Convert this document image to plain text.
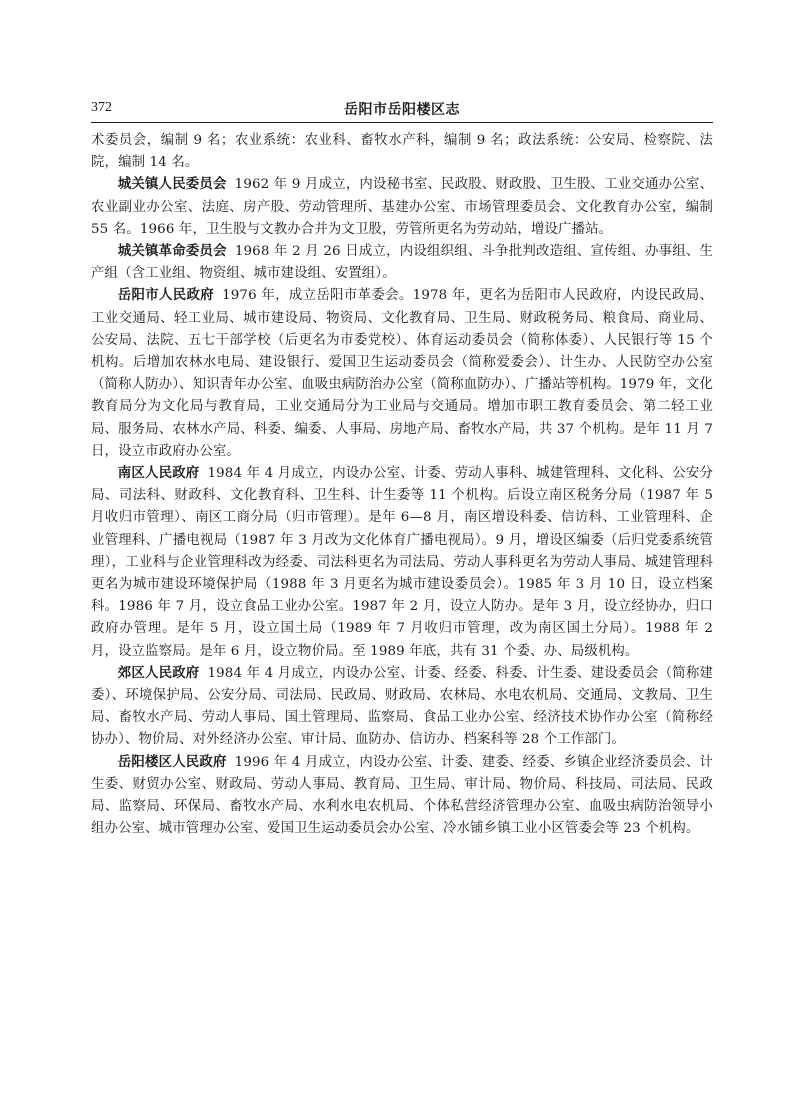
372	岳阳市岳阳楼区志

术委员会，编制 9 名；农业系统：农业科、畜牧水产科，编制 9 名；政法系统：公安局、检察院、法院，编制 14 名。

城关镇人民委员会 1962 年 9 月成立，内设秘书室、民政股、财政股、卫生股、工业交通办公室、农业副业办公室、法庭、房产股、劳动管理所、基建办公室、市场管理委员会、文化教育办公室，编制 55 名。1966 年，卫生股与文教办合并为文卫股，劳管所更名为劳动站，增设广播站。

城关镇革命委员会 1968 年 2 月 26 日成立，内设组织组、斗争批判改造组、宣传组、办事组、生产组（含工业组、物资组、城市建设组、安置组）。

岳阳市人民政府 1976 年，成立岳阳市革委会。1978 年，更名为岳阳市人民政府，内设民政局、工业交通局、轻工业局、城市建设局、物资局、文化教育局、卫生局、财政税务局、粮食局、商业局、公安局、法院、五七干部学校（后更名为市委党校）、体育运动委员会（简称体委）、人民银行等 15 个机构。后增加农林水电局、建设银行、爱国卫生运动委员会（简称爱委会）、计生办、人民防空办公室（简称人防办）、知识青年办公室、血吸虫病防治办公室（简称血防办）、广播站等机构。1979 年，文化教育局分为文化局与教育局，工业交通局分为工业局与交通局。增加市职工教育委员会、第二轻工业局、服务局、农林水产局、科委、编委、人事局、房地产局、畜牧水产局，共 37 个机构。是年 11 月 7 日，设立市政府办公室。

南区人民政府 1984 年 4 月成立，内设办公室、计委、劳动人事科、城建管理科、文化科、公安分局、司法科、财政科、文化教育科、卫生科、计生委等 11 个机构。后设立南区税务分局（1987 年 5 月收归市管理）、南区工商分局（归市管理）。是年 6—8 月，南区增设科委、信访科、工业管理科、企业管理科、广播电视局（1987 年 3 月改为文化体育广播电视局）。9 月，增设区编委（后归党委系统管理），工业科与企业管理科改为经委、司法科更名为司法局、劳动人事科更名为劳动人事局、城建管理科更名为城市建设环境保护局（1988 年 3 月更名为城市建设委员会）。1985 年 3 月 10 日，设立档案科。1986 年 7 月，设立食品工业办公室。1987 年 2 月，设立人防办。是年 3 月，设立经协办，归口政府办管理。是年 5 月，设立国土局（1989 年 7 月收归市管理，改为南区国土分局）。1988 年 2 月，设立监察局。是年 6 月，设立物价局。至 1989 年底，共有 31 个委、办、局级机构。

郊区人民政府 1984 年 4 月成立，内设办公室、计委、经委、科委、计生委、建设委员会（简称建委）、环境保护局、公安分局、司法局、民政局、财政局、农林局、水电农机局、交通局、文教局、卫生局、畜牧水产局、劳动人事局、国土管理局、监察局、食品工业办公室、经济技术协作办公室（简称经协办）、物价局、对外经济办公室、审计局、血防办、信访办、档案科等 28 个工作部门。

岳阳楼区人民政府 1996 年 4 月成立，内设办公室、计委、建委、经委、乡镇企业经济委员会、计生委、财贸办公室、财政局、劳动人事局、教育局、卫生局、审计局、物价局、科技局、司法局、民政局、监察局、环保局、畜牧水产局、水利水电农机局、个体私营经济管理办公室、血吸虫病防治领导小组办公室、城市管理办公室、爱国卫生运动委员会办公室、冷水铺乡镇工业小区管委会等 23 个机构。
